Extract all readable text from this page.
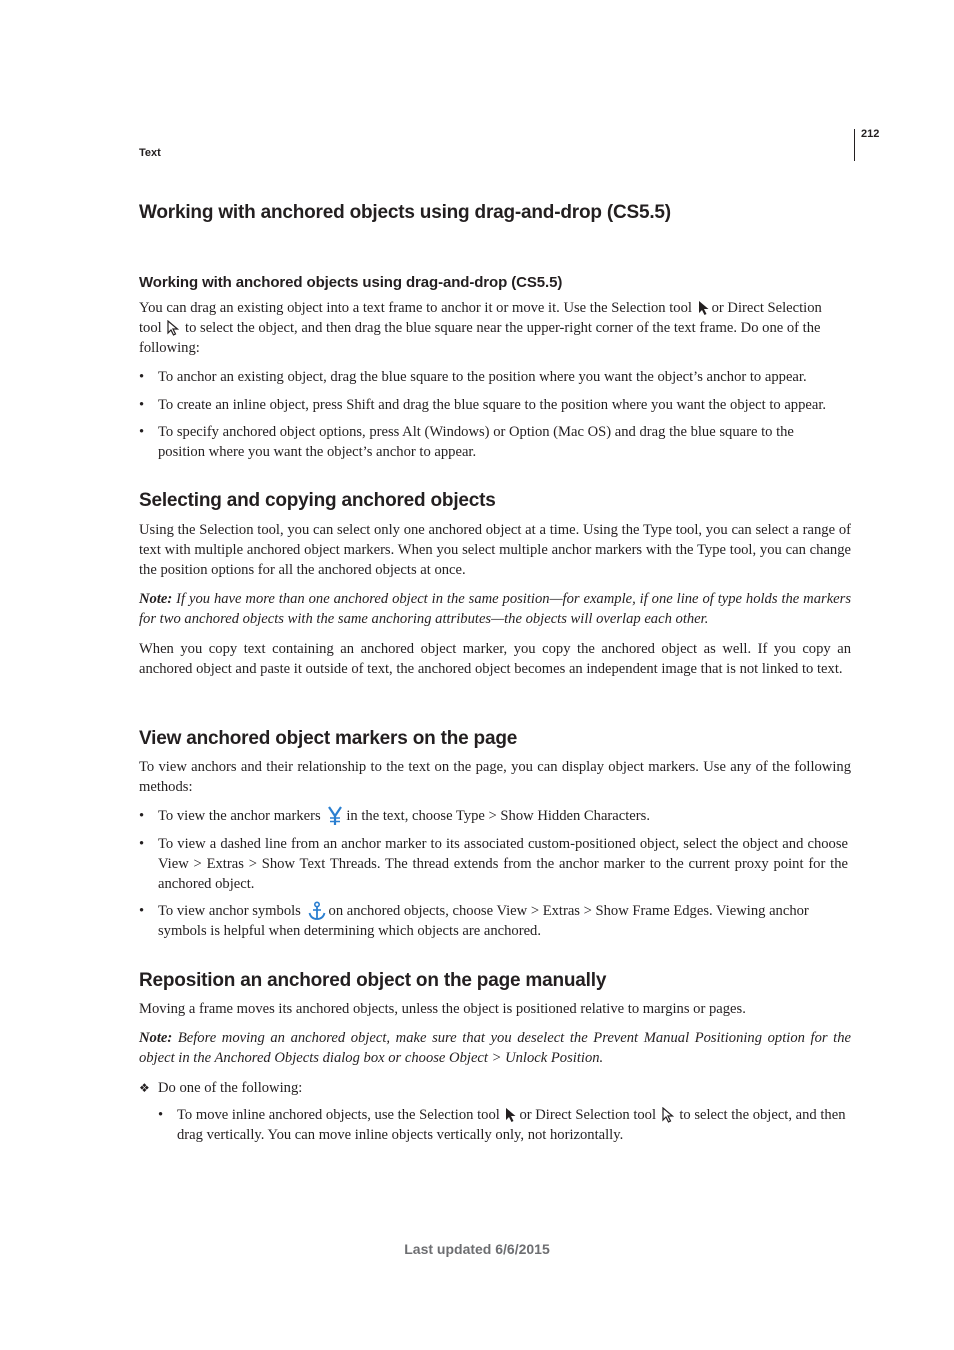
212
Text
Working with anchored objects using drag-and-drop (CS5.5)
Working with anchored objects using drag-and-drop (CS5.5)
You can drag an existing object into a text frame to anchor it or move it. Use the Selection tool or Direct Selection
tool to select the object, and then drag the blue square near the upper-right corner of the text frame. Do one of the
following:
• To anchor an existing object, drag the blue square to the position where you want the object’s anchor to appear.
• To create an inline object, press Shift and drag the blue square to the position where you want the object to appear.
• To specify anchored object options, press Alt (Windows) or Option (Mac OS) and drag the blue square to the
position where you want the object’s anchor to appear.
Selecting and copying anchored objects
Using the Selection tool, you can select only one anchored object at a time. Using the Type tool, you can select a range of text with multiple anchored object markers. When you select multiple anchor markers with the Type tool, you can change the position options for all the anchored objects at once.
Note: If you have more than one anchored object in the same position—for example, if one line of type holds the markers for two anchored objects with the same anchoring attributes—the objects will overlap each other.
When you copy text containing an anchored object marker, you copy the anchored object as well. If you copy an anchored object and paste it outside of text, the anchored object becomes an independent image that is not linked to text.
View anchored object markers on the page
To view anchors and their relationship to the text on the page, you can display object markers. Use any of the following methods:
• To view the anchor markers in the text, choose Type > Show Hidden Characters.
• To view a dashed line from an anchor marker to its associated custom-positioned object, select the object and choose View > Extras > Show Text Threads. The thread extends from the anchor marker to the current proxy point for the anchored object.
• To view anchor symbols on anchored objects, choose View > Extras > Show Frame Edges. Viewing anchor
symbols is helpful when determining which objects are anchored.
Reposition an anchored object on the page manually
Moving a frame moves its anchored objects, unless the object is positioned relative to margins or pages.
Note: Before moving an anchored object, make sure that you deselect the Prevent Manual Positioning option for the object in the Anchored Objects dialog box or choose Object > Unlock Position.
❖ Do one of the following:
• To move inline anchored objects, use the Selection tool or Direct Selection tool to select the object, and then
drag vertically. You can move inline objects vertically only, not horizontally.
Last updated 6/6/2015
